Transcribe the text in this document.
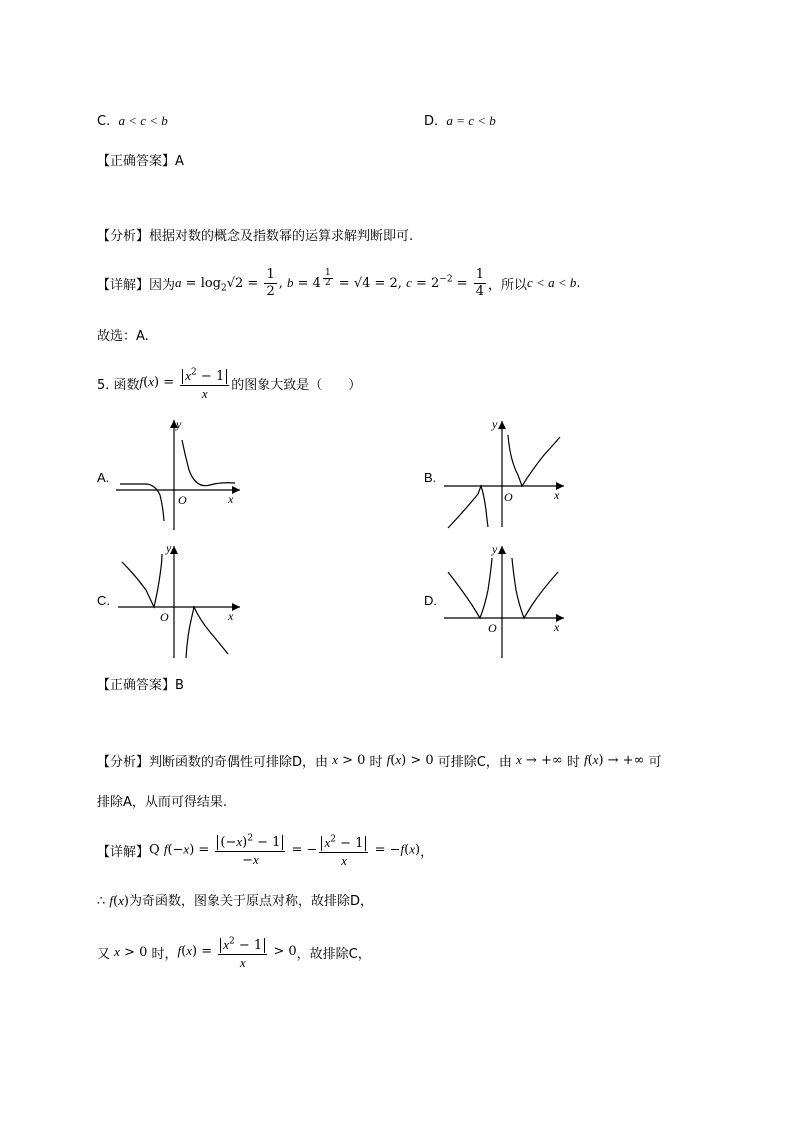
C. a < c < b	D. a = c < b
【正确答案】A
【分析】根据对数的概念及指数幂的运算求解判断即可.
【详解】 因为 $a = \log_2√2 = \frac{1}{2}$ , b = 4 $^{\frac{1}{2}}$ = √4 = 2, $c = 2^{-2} = \frac{1}{4}$ ，所以 c < a < b .
故选：A.
5. 函数 $f(x) = \frac{x^2 - 1}{x}$ 的图象大致是（　　）
A.
y
O	x
B.
y
O	x
C.
y
O	x
D.
y
O	x
【正确答案】B
【分析】 判断函数的奇偶性可排除D，由 x > 0 时 f(x) > 0 可排除C，由 x → +∞ 时 f(x) → +∞ 可
排除A，从而可得结果.
【详解】 Q $f(-x) = \frac{(-x)^2 - 1}{-x}$ = − $\frac{x^2 - 1}{x} = -f(x)$ ，
∴ f(x)为奇函数，图象关于原点对称，故排除D，
又 x > 0 时， $f(x) = \frac{x^2 - 1}{x} > 0$ ，故排除C，
